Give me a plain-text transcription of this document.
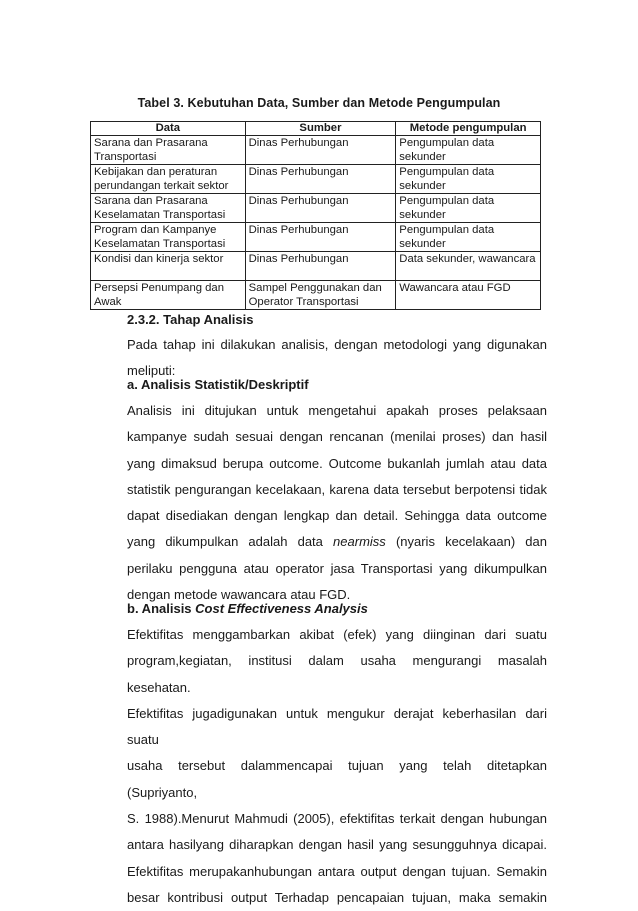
Tabel 3. Kebutuhan Data, Sumber dan Metode Pengumpulan
Data	Sumber	Metode pengumpulan
Sarana dan Prasarana Transportasi	Dinas Perhubungan	Pengumpulan data sekunder
Kebijakan dan peraturan perundangan terkait sektor	Dinas Perhubungan	Pengumpulan data sekunder
Sarana dan Prasarana Keselamatan Transportasi	Dinas Perhubungan	Pengumpulan data sekunder
Program dan Kampanye Keselamatan Transportasi	Dinas Perhubungan	Pengumpulan data sekunder
Kondisi dan kinerja sektor	Dinas Perhubungan	Data sekunder, wawancara
Persepsi Penumpang dan Awak	Sampel Penggunakan dan Operator Transportasi	Wawancara atau FGD
2.3.2. Tahap Analisis
Pada tahap ini dilakukan analisis, dengan metodologi yang digunakan
meliputi:
a. Analisis Statistik/Deskriptif
Analisis ini ditujukan untuk mengetahui apakah proses pelaksaan
kampanye sudah sesuai dengan rencanan (menilai proses) dan hasil
yang dimaksud berupa outcome. Outcome bukanlah jumlah atau data
statistik pengurangan kecelakaan, karena data tersebut berpotensi tidak
dapat disediakan dengan lengkap dan detail. Sehingga data outcome
yang dikumpulkan adalah data nearmiss (nyaris kecelakaan) dan
perilaku pengguna atau operator jasa Transportasi yang dikumpulkan
dengan metode wawancara atau FGD.
b. Analisis Cost Effectiveness Analysis
Efektifitas menggambarkan akibat (efek) yang diinginan dari suatu
program,kegiatan, institusi dalam usaha mengurangi masalah kesehatan.
Efektifitas jugadigunakan untuk mengukur derajat keberhasilan dari suatu
usaha tersebut dalammencapai tujuan yang telah ditetapkan (Supriyanto,
S. 1988).Menurut Mahmudi (2005), efektifitas terkait dengan hubungan
antara hasilyang diharapkan dengan hasil yang sesungguhnya dicapai.
Efektifitas merupakanhubungan antara output dengan tujuan. Semakin
besar kontribusi output Terhadap pencapaian tujuan, maka semakin
